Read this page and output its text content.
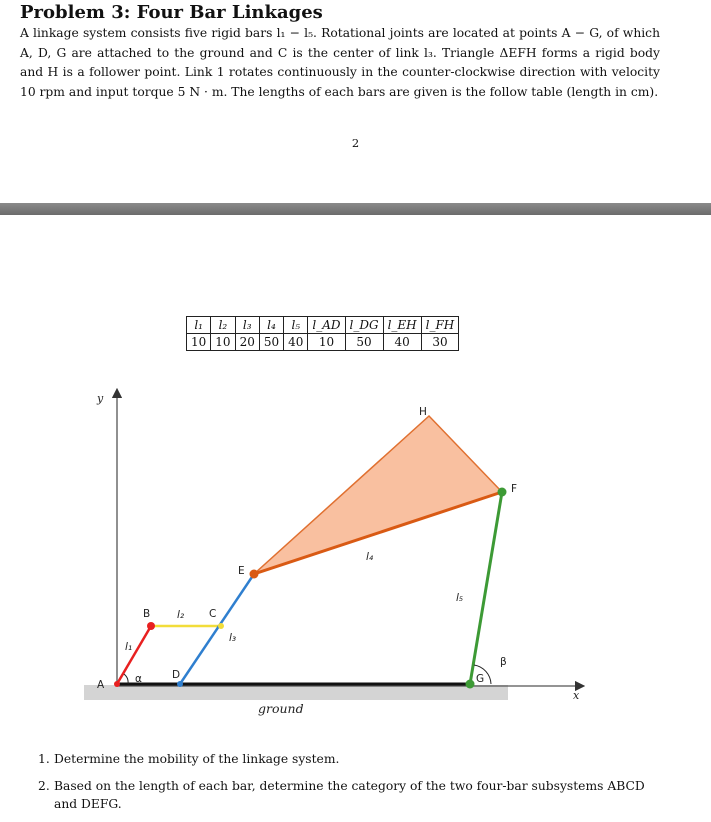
Problem 3: Four Bar Linkages
A linkage system consists five rigid bars l₁ − l₅. Rotational joints are located at points A − G, of which A, D, G are attached to the ground and C is the center of link l₃. Triangle ΔEFH forms a rigid body and H is a follower point. Link 1 rotates continuously in the counter-clockwise direction with velocity 10 rpm and input torque 5 N · m. The lengths of each bars are given is the follow table (length in cm).
2
l₁	l₂	l₃	l₄	l₅	l_AD	l_DG	l_EH	l_FH
10	10	20	50	40	10	50	40	30
y
x
A
B	C
D
E
F
G
H
l₁
l₂
l₃
l₄
l₅
α
β
ground
1. Determine the mobility of the linkage system.
2. Based on the length of each bar, determine the category of the two four-bar subsystems ABCD and DEFG.
